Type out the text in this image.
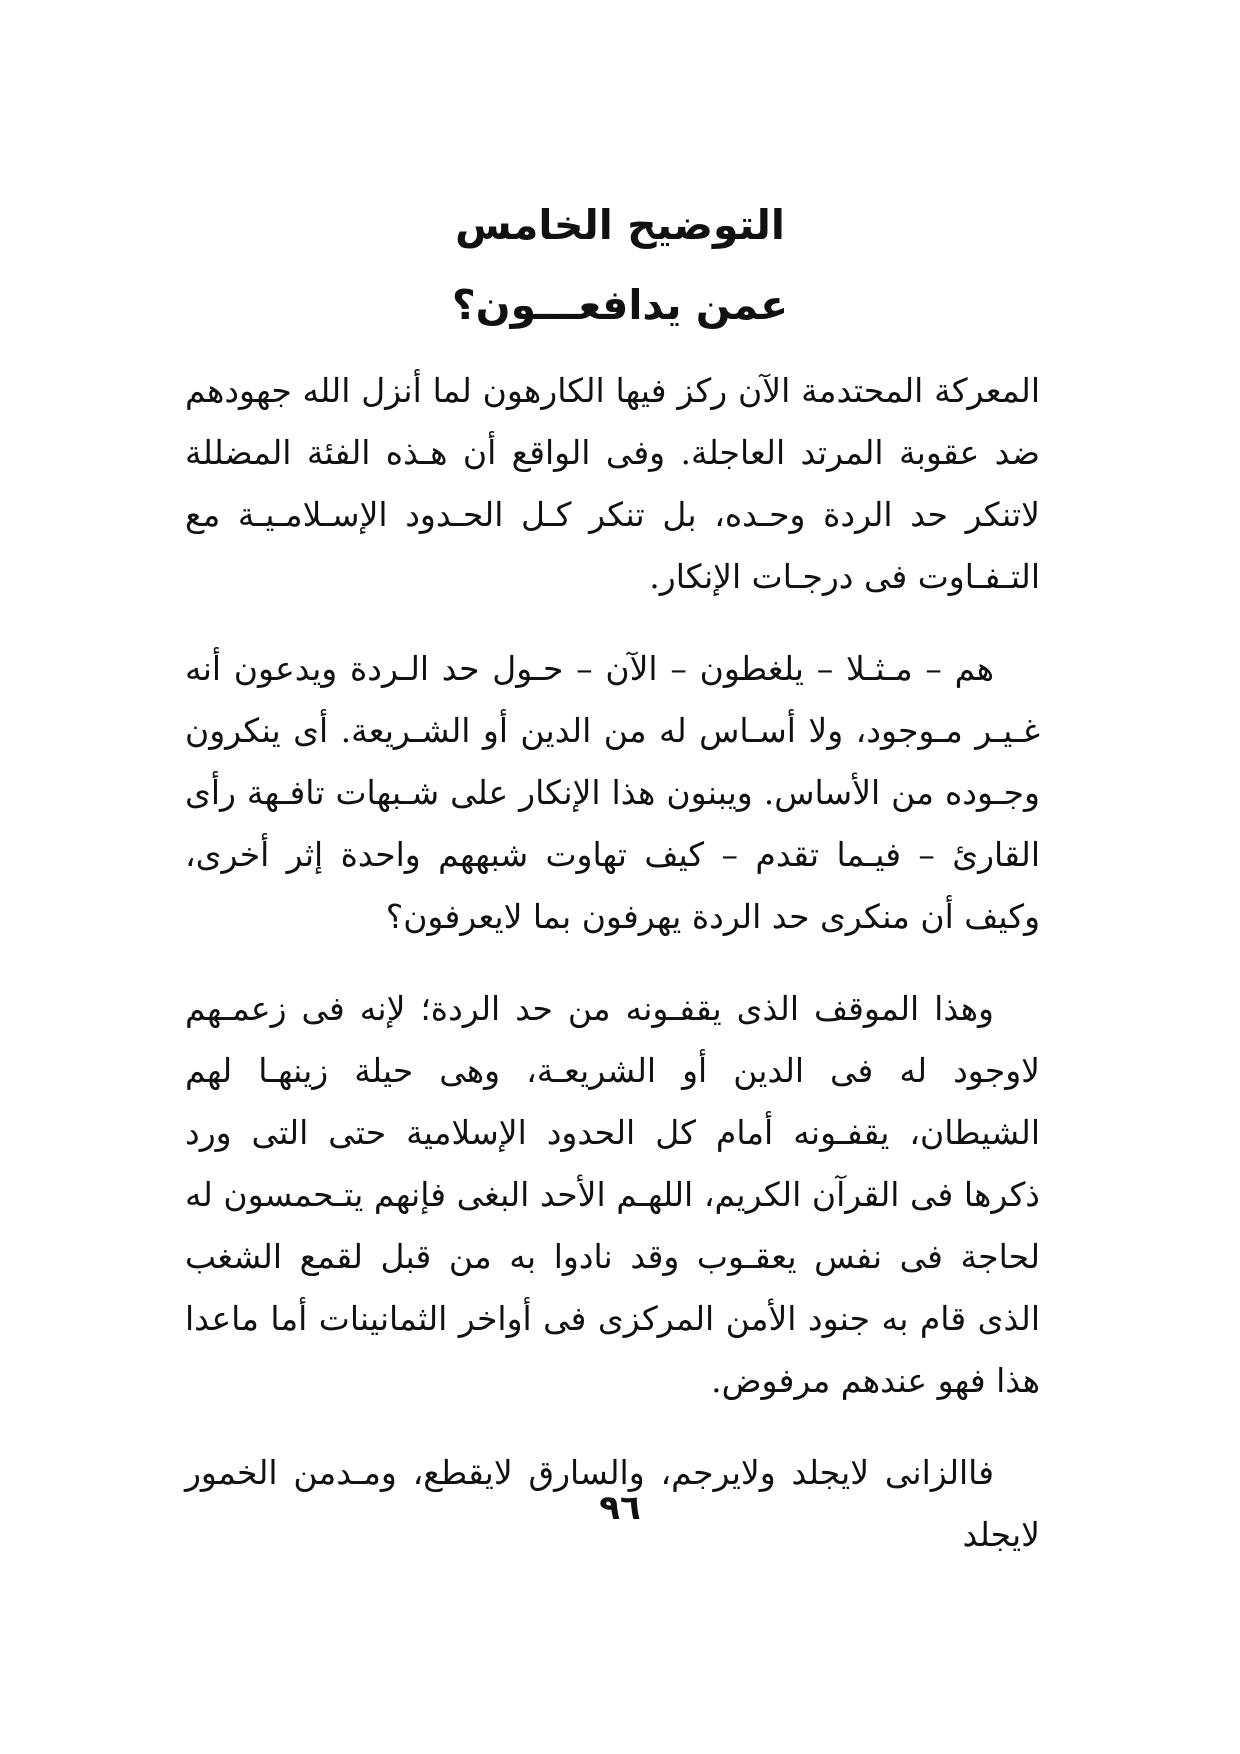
التوضيح الخامس

عمن يدافعـــون؟

المعركة المحتدمة الآن ركز فيها الكارهون لما أنزل الله جهودهم ضد عقوبة المرتد العاجلة. وفى الواقع أن هـذه الفئة المضللة لاتنكر حد الردة وحـده، بل تنكر كـل الحـدود الإسـلامـيـة مع التـفـاوت فى درجـات الإنكار.

هم – مـثـلا – يلغطون – الآن – حـول حد الـردة ويدعون أنه غـيـر مـوجود، ولا أسـاس له من الدين أو الشـريعة. أى ينكرون وجـوده من الأساس. ويبنون هذا الإنكار على شـبهات تافـهة رأى القارئ – فيـما تقدم – كيف تهاوت شبههم واحدة إثر أخرى، وكيف أن منكرى حد الردة يهرفون بما لايعرفون؟

وهذا الموقف الذى يقفـونه من حد الردة؛ لإنه فى زعمـهم لاوجود له فى الدين أو الشريعـة، وهى حيلة زينهـا لهم الشيطان، يقفـونه أمام كل الحدود الإسلامية حتى التى ورد ذكرها فى القرآن الكريم، اللهـم الأحد البغى فإنهم يتـحمسون له لحاجة فى نفس يعقـوب وقد نادوا به من قبل لقمع الشغب الذى قام به جنود الأمن المركزى فى أواخر الثمانينات أما ماعدا هذا فهو عندهم مرفوض.

فاالزانى لايجلد ولايرجم، والسارق لايقطع، ومـدمن الخمور لايجلد

٩٦
